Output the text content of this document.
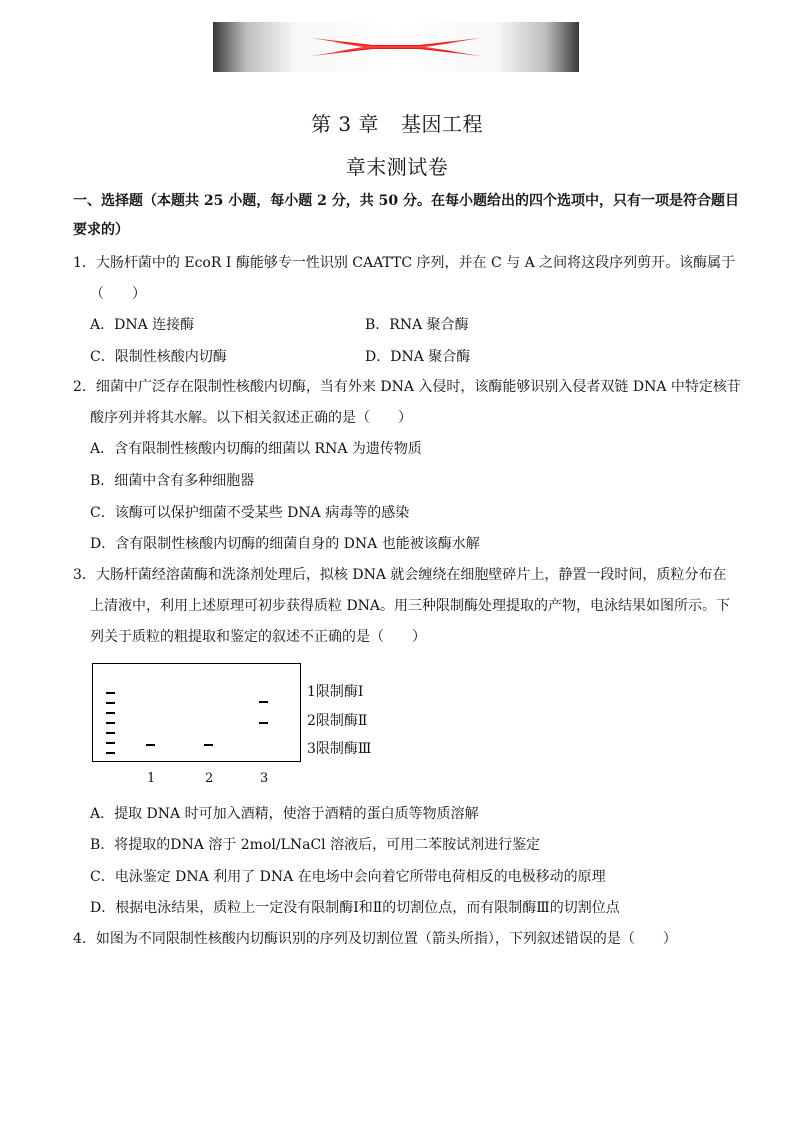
第 3 章 基因工程
章末测试卷
一、选择题（本题共 25 小题，每小题 2 分，共 50 分。在每小题给出的四个选项中，只有一项是符合题目
要求的）
1．大肠杆菌中的 EcoR I 酶能够专一性识别 CAATTC 序列，并在 C 与 A 之间将这段序列剪开。该酶属于
（　　）
A．DNA 连接酶	B．RNA 聚合酶
C．限制性核酸内切酶	D．DNA 聚合酶
2．细菌中广泛存在限制性核酸内切酶，当有外来 DNA 入侵时，该酶能够识别入侵者双链 DNA 中特定核苷
酸序列并将其水解。以下相关叙述正确的是（　　）
A．含有限制性核酸内切酶的细菌以 RNA 为遗传物质
B．细菌中含有多种细胞器
C．该酶可以保护细菌不受某些 DNA 病毒等的感染
D．含有限制性核酸内切酶的细菌自身的 DNA 也能被该酶水解
3．大肠杆菌经溶菌酶和洗涤剂处理后，拟核 DNA 就会缠绕在细胞壁碎片上，静置一段时间，质粒分布在
上清液中，利用上述原理可初步获得质粒 DNA。用三种限制酶处理提取的产物，电泳结果如图所示。下
列关于质粒的粗提取和鉴定的叙述不正确的是（　　）
1限制酶Ⅰ
2限制酶Ⅱ
3限制酶Ⅲ
1	2	3
A．提取 DNA 时可加入酒精，使溶于酒精的蛋白质等物质溶解
B．将提取的DNA 溶于 2mol/LNaCl 溶液后，可用二苯胺试剂进行鉴定
C．电泳鉴定 DNA 利用了 DNA 在电场中会向着它所带电荷相反的电极移动的原理
D．根据电泳结果，质粒上一定没有限制酶Ⅰ和Ⅱ的切割位点，而有限制酶Ⅲ的切割位点
4．如图为不同限制性核酸内切酶识别的序列及切割位置（箭头所指），下列叙述错误的是（　　）
